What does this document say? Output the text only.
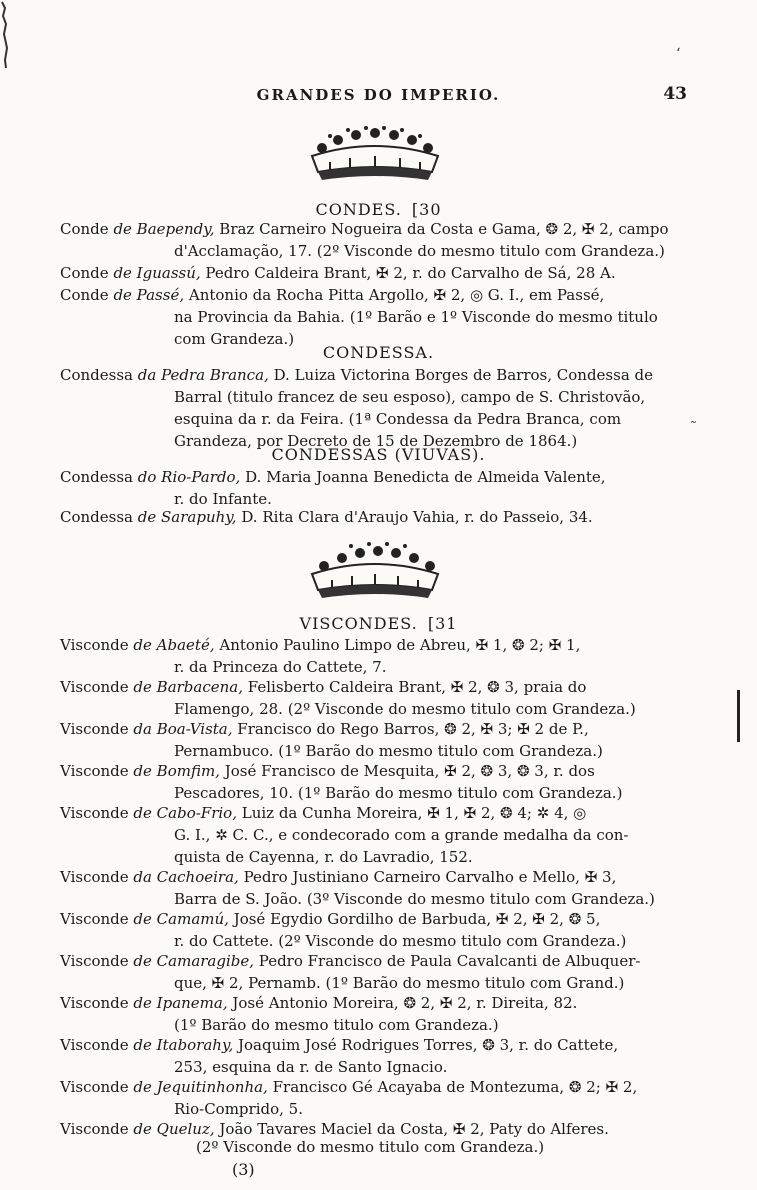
GRANDES DO IMPERIO.	43
CONDES. [30
Conde de Baependy, Braz Carneiro Nogueira da Costa e Gama, ❂ 2, ✠ 2, campo
d'Acclamação, 17. (2º Visconde do mesmo titulo com Grandeza.)
Conde de Iguassú, Pedro Caldeira Brant, ✠ 2, r. do Carvalho de Sá, 28 A.
Conde de Passé, Antonio da Rocha Pitta Argollo, ✠ 2, ◎ G. I., em Passé,
na Provincia da Bahia. (1º Barão e 1º Visconde do mesmo titulo
com Grandeza.)
CONDESSA.
Condessa da Pedra Branca, D. Luiza Victorina Borges de Barros, Condessa de
Barral (titulo francez de seu esposo), campo de S. Christovão,
esquina da r. da Feira. (1ª Condessa da Pedra Branca, com
Grandeza, por Decreto de 15 de Dezembro de 1864.)
CONDESSAS (VIUVAS).
Condessa do Rio-Pardo, D. Maria Joanna Benedicta de Almeida Valente,
r. do Infante.
Condessa de Sarapuhy, D. Rita Clara d'Araujo Vahia, r. do Passeio, 34.
VISCONDES. [31
Visconde de Abaeté, Antonio Paulino Limpo de Abreu, ✠ 1, ❂ 2; ✠ 1,
r. da Princeza do Cattete, 7.
Visconde de Barbacena, Felisberto Caldeira Brant, ✠ 2, ❂ 3, praia do
Flamengo, 28. (2º Visconde do mesmo titulo com Grandeza.)
Visconde da Boa-Vista, Francisco do Rego Barros, ❂ 2, ✠ 3; ✠ 2 de P.,
Pernambuco. (1º Barão do mesmo titulo com Grandeza.)
Visconde de Bomfim, José Francisco de Mesquita, ✠ 2, ❂ 3, ❂ 3, r. dos
Pescadores, 10. (1º Barão do mesmo titulo com Grandeza.)
Visconde de Cabo-Frio, Luiz da Cunha Moreira, ✠ 1, ✠ 2, ❂ 4; ✲ 4, ◎
G. I., ✲ C. C., e condecorado com a grande medalha da con-
quista de Cayenna, r. do Lavradio, 152.
Visconde da Cachoeira, Pedro Justiniano Carneiro Carvalho e Mello, ✠ 3,
Barra de S. João. (3º Visconde do mesmo titulo com Grandeza.)
Visconde de Camamú, José Egydio Gordilho de Barbuda, ✠ 2, ✠ 2, ❂ 5,
r. do Cattete. (2º Visconde do mesmo titulo com Grandeza.)
Visconde de Camaragibe, Pedro Francisco de Paula Cavalcanti de Albuquer-
que, ✠ 2, Pernamb. (1º Barão do mesmo titulo com Grand.)
Visconde de Ipanema, José Antonio Moreira, ❂ 2, ✠ 2, r. Direita, 82.
(1º Barão do mesmo titulo com Grandeza.)
Visconde de Itaborahy, Joaquim José Rodrigues Torres, ❂ 3, r. do Cattete,
253, esquina da r. de Santo Ignacio.
Visconde de Jequitinhonha, Francisco Gé Acayaba de Montezuma, ❂ 2; ✠ 2,
Rio-Comprido, 5.
Visconde de Queluz, João Tavares Maciel da Costa, ✠ 2, Paty do Alferes.
(2º Visconde do mesmo titulo com Grandeza.)
(3)
ʻ
˜
